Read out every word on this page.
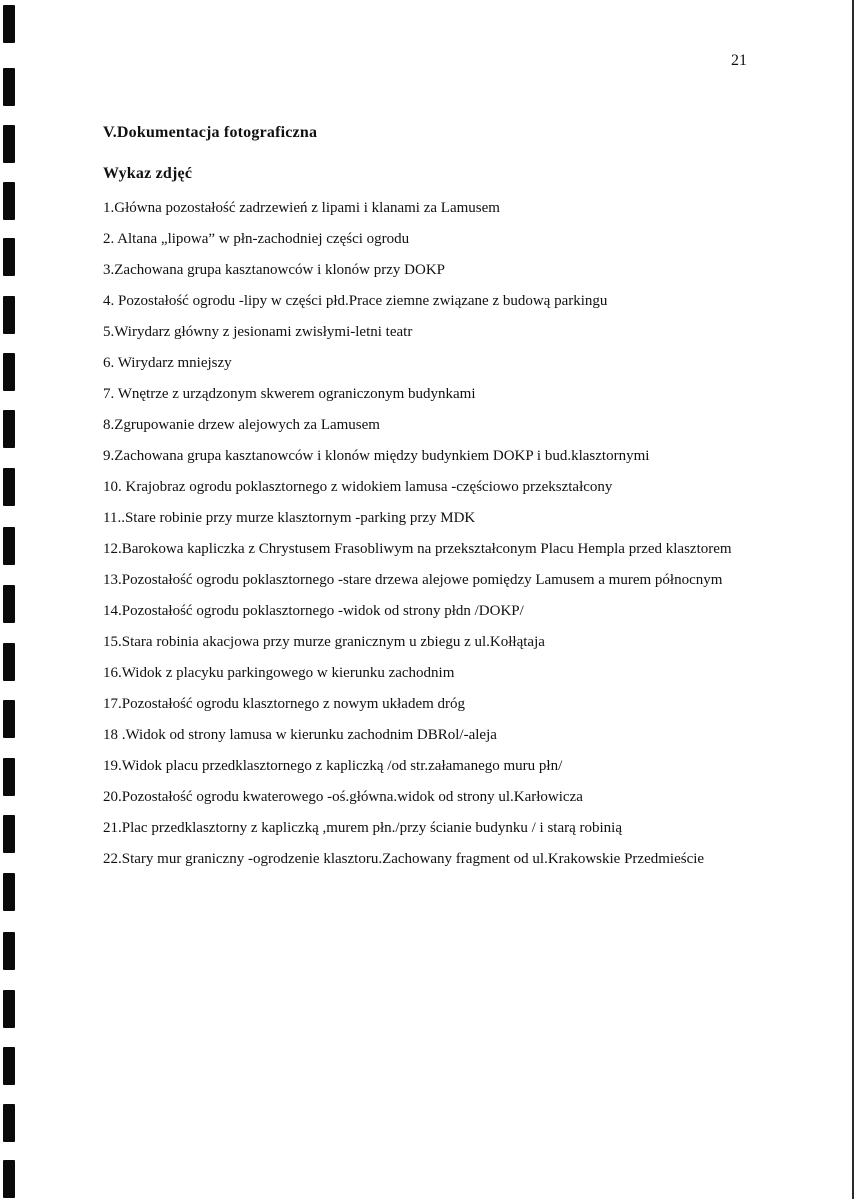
21

V.Dokumentacja fotograficzna
Wykaz zdjęć
1.Główna pozostałość zadrzewień z lipami i klanami za Lamusem
2. Altana „lipowa” w płn-zachodniej części ogrodu
3.Zachowana grupa kasztanowców i klonów przy DOKP
4. Pozostałość ogrodu -lipy w części płd.Prace ziemne związane z budową parkingu
5.Wirydarz główny z jesionami zwisłymi-letni teatr
6. Wirydarz mniejszy
7. Wnętrze z urządzonym skwerem ograniczonym budynkami
8.Zgrupowanie drzew alejowych za Lamusem
9.Zachowana grupa kasztanowców i klonów między budynkiem DOKP i bud.klasztornymi
10. Krajobraz ogrodu poklasztornego z widokiem lamusa -częściowo przekształcony
11..Stare robinie przy murze klasztornym -parking przy MDK
12.Barokowa kapliczka z Chrystusem Frasobliwym na przekształconym Placu Hempla przed klasztorem
13.Pozostałość ogrodu poklasztornego -stare drzewa alejowe pomiędzy Lamusem a murem północnym
14.Pozostałość ogrodu poklasztornego -widok od strony płdn /DOKP/
15.Stara robinia akacjowa przy murze granicznym u zbiegu z ul.Kołłątaja
16.Widok z placyku parkingowego w kierunku zachodnim
17.Pozostałość ogrodu klasztornego z nowym układem dróg
18 .Widok od strony lamusa w kierunku zachodnim DBRol/-aleja
19.Widok placu przedklasztornego z kapliczką /od str.załamanego muru płn/
20.Pozostałość ogrodu kwaterowego -oś.główna.widok od strony ul.Karłowicza
21.Plac przedklasztorny z kapliczką ,murem płn./przy ścianie budynku / i starą robinią
22.Stary mur graniczny -ogrodzenie klasztoru.Zachowany fragment od ul.Krakowskie Przedmieście
